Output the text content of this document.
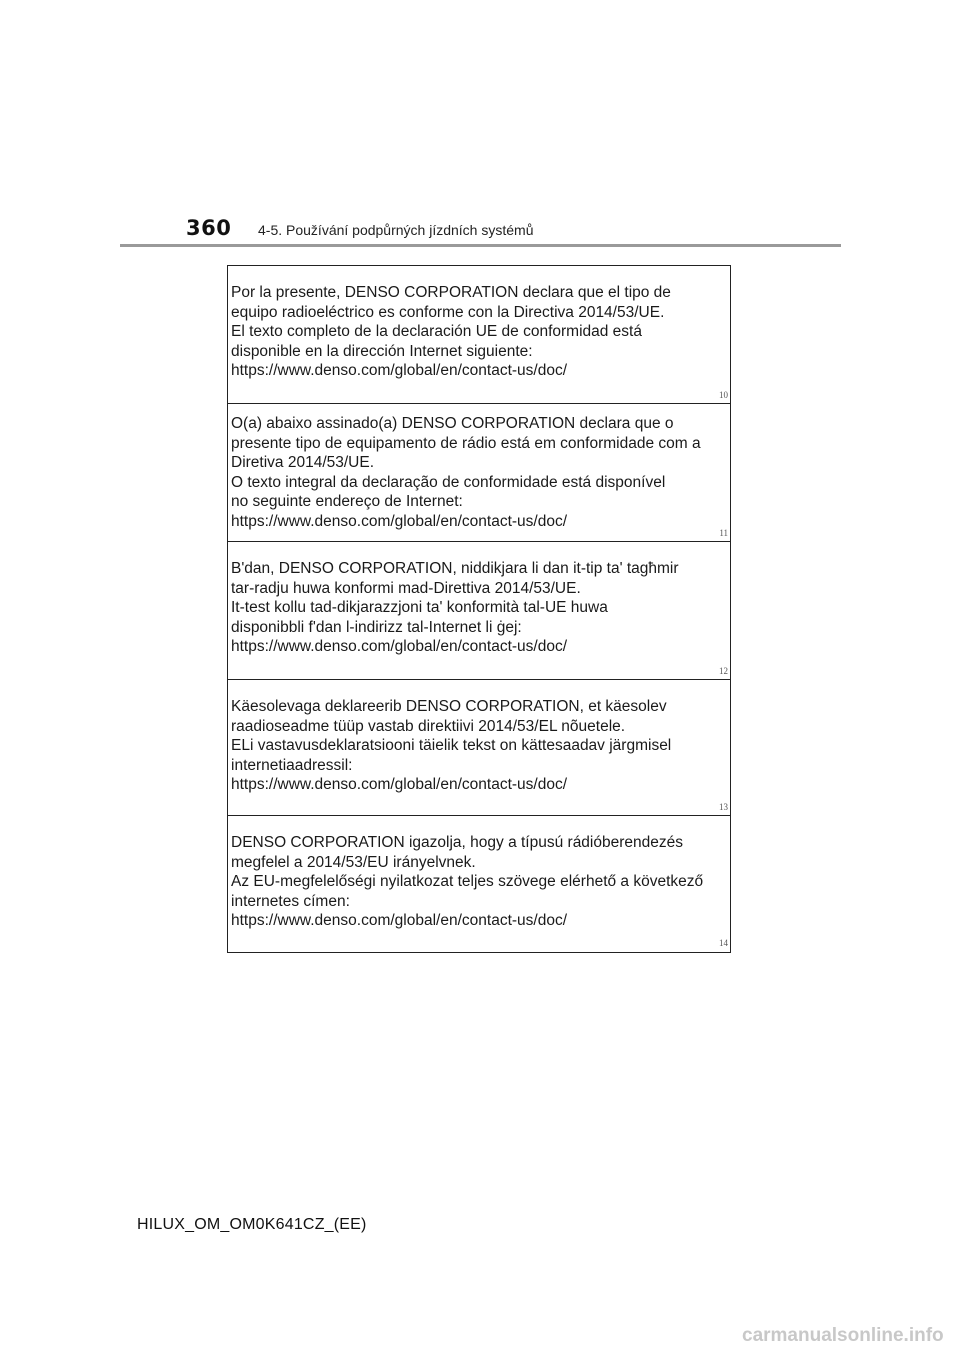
360 4-5. Používání podpůrných jízdních systémů

Por la presente, DENSO CORPORATION declara que el tipo de
equipo radioeléctrico es conforme con la Directiva 2014/53/UE.
El texto completo de la declaración UE de conformidad está
disponible en la dirección Internet siguiente:
https://www.denso.com/global/en/contact-us/doc/

10

O(a) abaixo assinado(a) DENSO CORPORATION declara que o
presente tipo de equipamento de rádio está em conformidade com a
Diretiva 2014/53/UE.
O texto integral da declaração de conformidade está disponível
no seguinte endereço de Internet:
https://www.denso.com/global/en/contact-us/doc/

11

B'dan, DENSO CORPORATION, niddikjara li dan it-tip ta' tagħmir
tar-radju huwa konformi mad-Direttiva 2014/53/UE.
It-test kollu tad-dikjarazzjoni ta' konformità tal-UE huwa
disponibbli f'dan l-indirizz tal-Internet li ġej:
https://www.denso.com/global/en/contact-us/doc/

12

Käesolevaga deklareerib DENSO CORPORATION, et käesolev
raadioseadme tüüp vastab direktiivi 2014/53/EL nõuetele.
ELi vastavusdeklaratsiooni täielik tekst on kättesaadav järgmisel
internetiaadressil:
https://www.denso.com/global/en/contact-us/doc/

13

DENSO CORPORATION igazolja, hogy a típusú rádióberendezés
megfelel a 2014/53/EU irányelvnek.
Az EU-megfelelőségi nyilatkozat teljes szövege elérhető a következő
internetes címen:
https://www.denso.com/global/en/contact-us/doc/

14
HILUX_OM_OM0K641CZ_(EE)
carmanualsonline.info
